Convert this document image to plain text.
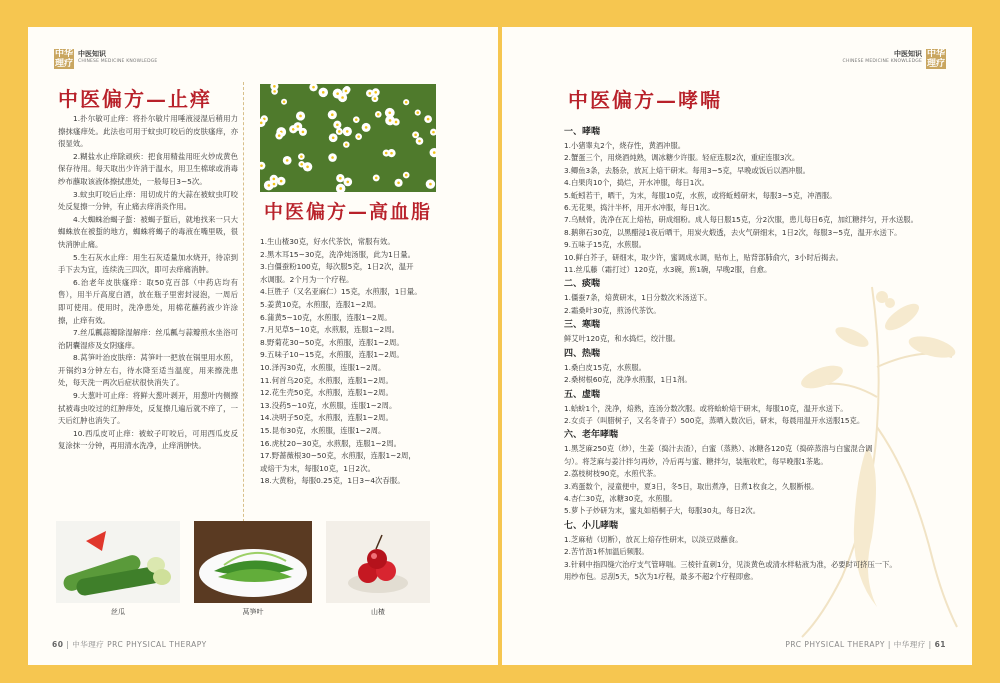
中华理疗
中医知识
CHINESE MEDICINE KNOWLEDGE
中医偏方—止痒

1.扑尔敏可止痒：将扑尔敏片用唾液浸湿后稍用力擦抹瘙痒处。此法也可用于蚊虫叮咬后的皮肤瘙痒，亦很显效。

2.糊盐水止痒除顽疾：把食用精盐用旺火炒成黄色保存待用。每天取出少许消于温水，用卫生棉球或消毒纱布蘸取该液体擦拭患处，一般每日3~5次。

3.蚊虫叮咬后止痒：用切成片的大蒜在被蚊虫叮咬处反复擦一分钟，有止痛去痒消炎作用。

4.大蜘蛛治蝎子蜇：被蝎子蜇后，就地找来一只大蜘蛛放在被蜇的地方，蜘蛛将蝎子的毒液在嘴里吸，很快消肿止痛。

5.生石灰水止痒：用生石灰适量加水烧开，待凉到手下去为宜，连续洗三四次，即可去痒痛消肿。

6.治老年皮肤瘙痒：取50克百部（中药店均有售），用半斤高度白酒，放在瓶子里密封浸泡，一周后即可使用。使用时，洗净患处，用棉花蘸药液少许涂擦，止痒有效。

7.丝瓜瓤蒜瓣除湿解痒：丝瓜瓤与蒜瓣煎水坐浴可治阴囊湿疹及女阴瘙痒。

8.莴笋叶治皮肤痒：莴笋叶一把放在锅里用水煎，开锅约3分钟左右，待水降至适当温度，用来擦洗患处，每天洗一两次后症状很快消失了。

9.大葱叶可止痒：将鲜大葱叶剥开，用葱叶内侧擦拭被毒虫咬过的红肿痒处，反复擦几遍后就不痒了，一天后红肿也消失了。

10.西瓜皮可止痒：被蚊子叮咬后，可用西瓜皮反复涂抹一分钟，再用清水洗净，止痒消肿快。

中医偏方—高血脂
1.生山楂30克，好水代茶饮，常服有效。
2.黑木耳15~30克，洗净炖汤服，此为1日量。
3.白僵蚕粉100克，每次服5克，1日2次，温开
水调服。2个月为一个疗程。
4.巨胜子（又名亚麻仁）15克，水煎服，1日量。
5.姜黄10克，水煎服，连服1~2周。
6.蒲黄5~10克，水煎服，连服1~2周。
7.月见草5~10克，水煎服，连服1~2周。
8.野菊花30~50克，水煎服，连服1~2周。
9.五味子10~15克，水煎服，连服1~2周。
10.泽泻30克，水煎服，连服1~2周。
11.何首乌20克，水煎服，连服1~2周。
12.花生壳50克，水煎服，连服1~2周。
13.没药5~10克，水煎服，连服1~2周。
14.决明子50克，水煎服，连服1~2周。
15.昆布30克，水煎服，连服1~2周。
16.虎杖20~30克，水煎服，连服1~2周。
17.野蔷薇根30~50克，水煎服，连服1~2周，
或焙干为末，每服10克，1日2次。
18.大黄粉，每服0.25克，1日3~4次吞服。
丝瓜	莴笋叶	山楂
60 | 中华理疗 PRC PHYSICAL THERAPY
中华理疗
中医知识
CHINESE MEDICINE KNOWLEDGE
中医偏方—哮喘
一、哮喘
1.小猪睾丸2个，烧存性，黄酒冲服。
2.蟹蛋三个，用烧酒炖熟，调冰糖少许服。轻症连服2次，重症连服3次。
3.鲫鱼3条，去肠杂，放瓦上焙干研末。每用3~5克，早晚或饭后以酒冲服。
4.白果肉10个，捣烂，开水冲服，每日1次。
5.蚯蚓若干，晒干，为末，每服10克，水煎，或将蚯蚓研末，每服3~5克，冲酒服。
6.无花果，捣汁半杯，用开水冲服，每日1次。
7.乌贼骨，洗净在瓦上焙枯，研成细粉。成人每日服15克，分2次服，患儿每日6克，加红糖拌匀，开水送服。
8.鹅卵石30克，以黑醋浸1夜后晒干，用炭火煅透，去火气研细末，1日2次，每服3~5克，温开水送下。
9.五味子15克，水煎服。
10.鲜白芥子，研细末，取少许，蜜调成水调，贴布上，贴背部肺俞穴，3小时后揭去。
11.丝瓜藤（霜打过）120克，水3碗，煎1碗，早晚2服，自愈。
二、痰喘
1.僵蚕7条，焙黄研末，1日分数次米汤送下。
2.霜桑叶30克，煎汤代茶饮。
三、寒喘
鲜艾叶120克，和水捣烂，绞汁服。
四、热喘
1.桑白皮15克，水煎服。
2.桑树根60克，洗净水煎服，1日1剂。
五、虚喘
1.蛤蚧1个，洗净，焙熟，连汤分数次服。或将蛤蚧焙干研末，每服10克，温开水送下。
2.女贞子（叫腊树子，又名冬青子）500克，蒸晒入数次后，研末，每晨用温开水送服15克。
六、老年哮喘
1.黑芝麻250克（炒），生姜（捣汁去渣），白蜜（蒸熟）、冰糖各120克（捣碎蒸溶与白蜜混合调
匀）。将芝麻与姜汁拌匀再炒，冷后再与蜜、糖拌匀，装瓶收贮，每早晚服1茶匙。
2.荔枝树枝90克，水煎代茶。
3.鸡蛋数个，浸童便中，夏3日，冬5日，取出煮净，日煮1枚食之，久服断根。
4.杏仁30克，冰糖30克，水煎服。
5.萝卜子炒研为末，蜜丸如梧桐子大，每服30丸，每日2次。
七、小儿哮喘
1.芝麻秸（切断），放瓦上焙存性研末，以淡豆豉蘸食。
2.苦竹沥1杯加温后频服。
3.针刺中指四缝穴治疗支气管哮喘。三棱针直刺1分，见淡黄色或清水样粘液为准，必要时可挤压一下。
用纱布包。忌刮5天，5次为1疗程，最多不超2个疗程即愈。
PRC PHYSICAL THERAPY | 中华理疗 | 61
